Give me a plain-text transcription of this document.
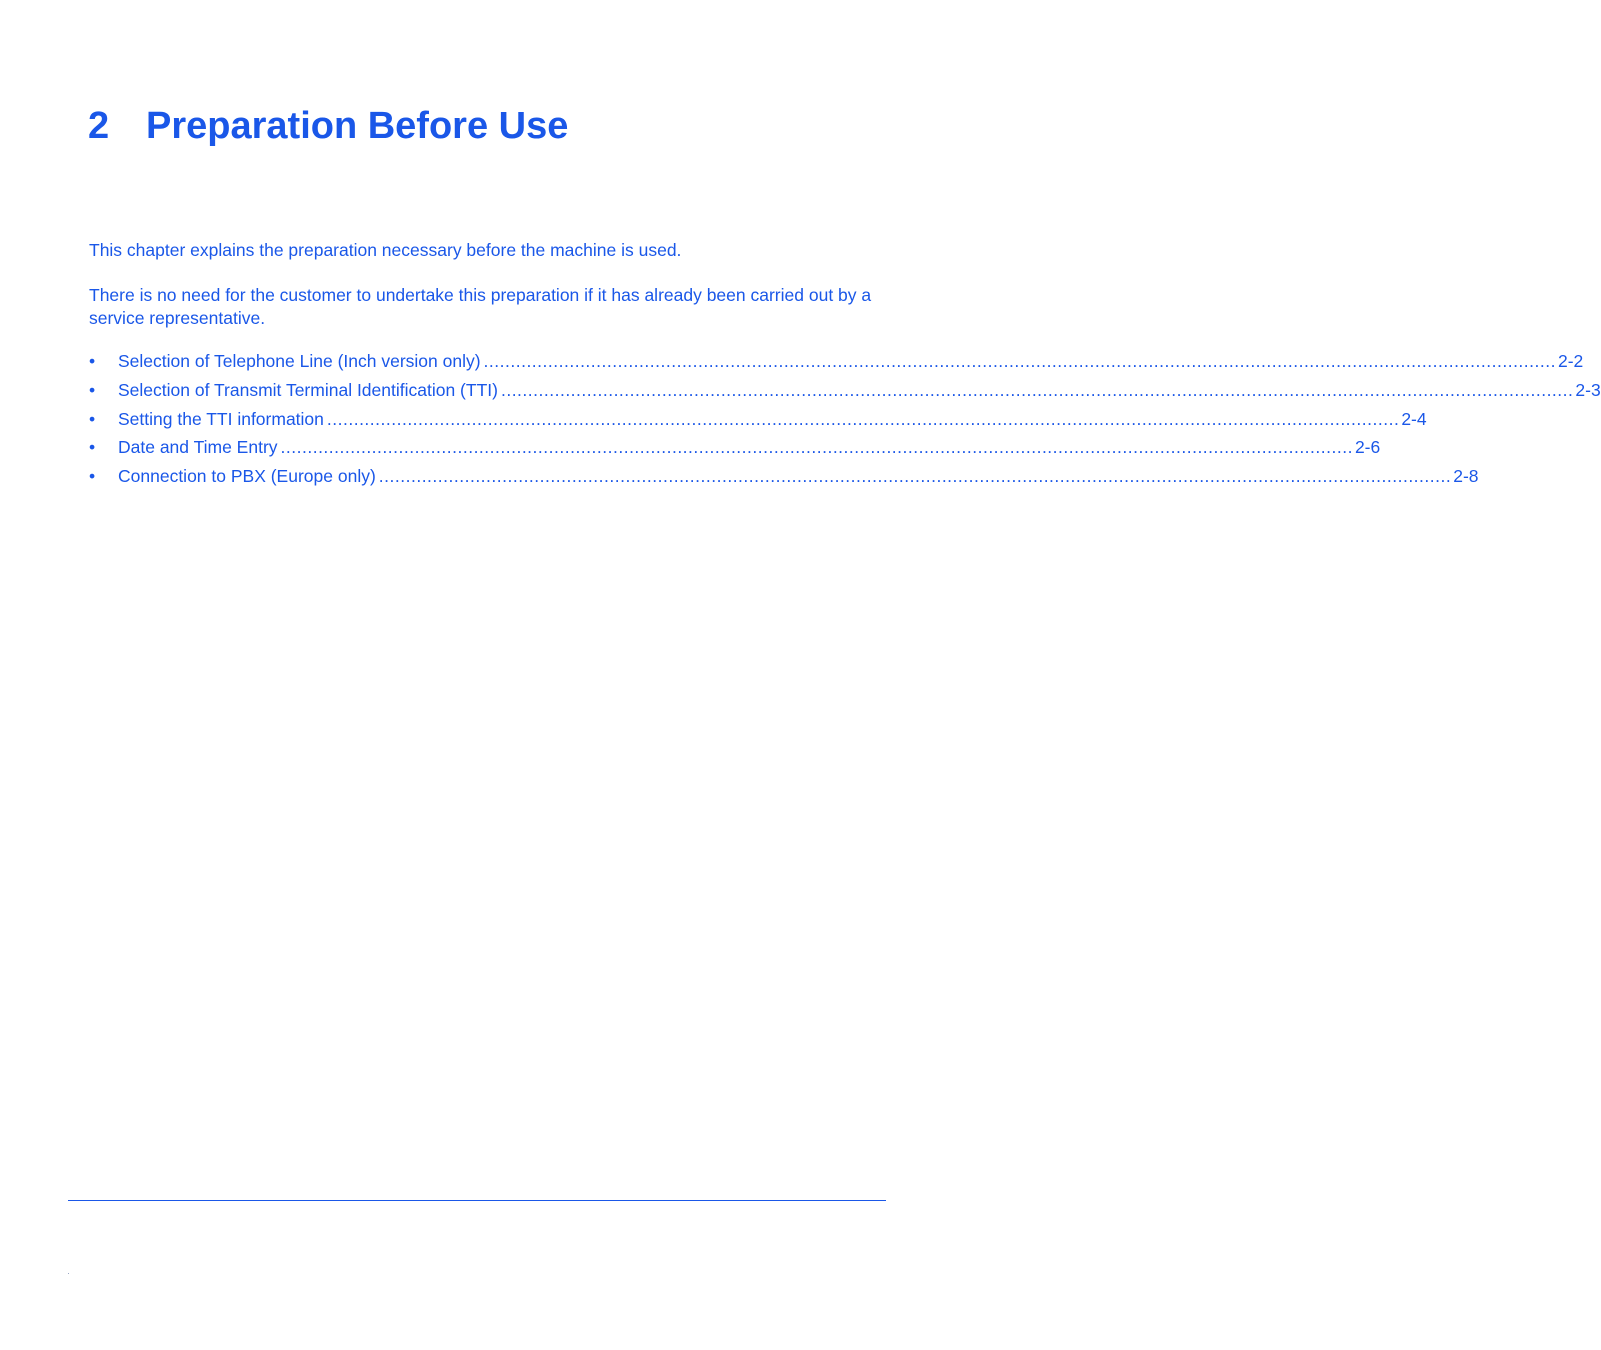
2 Preparation Before Use

This chapter explains the preparation necessary before the machine is used.

There is no need for the customer to undertake this preparation if it has already been carried out by a service representative.

•	Selection of Telephone Line (Inch version only) ........................................................................................................................................................................................................ 2-2
•	Selection of Transmit Terminal Identification (TTI) ........................................................................................................................................................................................................ 2-3
•	Setting the TTI information ........................................................................................................................................................................................................ 2-4
•	Date and Time Entry ........................................................................................................................................................................................................ 2-6
•	Connection to PBX (Europe only) ........................................................................................................................................................................................................ 2-8
